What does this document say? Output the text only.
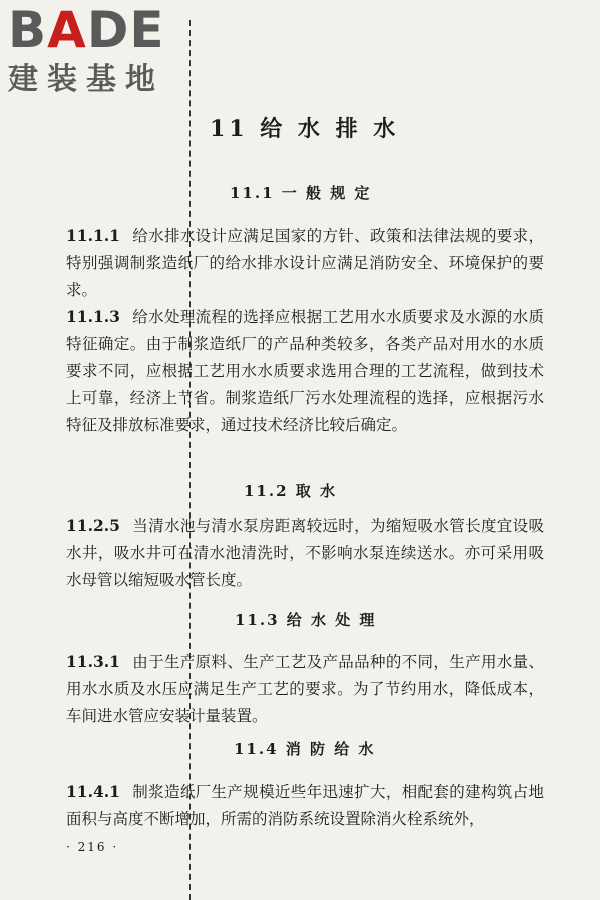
BADE
建装基地
11 给 水 排 水
11.1 一 般 规 定

11.1.1 给水排水设计应满足国家的方针、政策和法律法规的要求，特别强调制浆造纸厂的给水排水设计应满足消防安全、环境保护的要求。

11.1.3 给水处理流程的选择应根据工艺用水水质要求及水源的水质特征确定。由于制浆造纸厂的产品种类较多，各类产品对用水的水质要求不同，应根据工艺用水水质要求选用合理的工艺流程，做到技术上可靠，经济上节省。制浆造纸厂污水处理流程的选择，应根据污水特征及排放标准要求，通过技术经济比较后确定。

11.2 取 水

11.2.5 当清水池与清水泵房距离较远时，为缩短吸水管长度宜设吸水井，吸水井可在清水池清洗时，不影响水泵连续送水。亦可采用吸水母管以缩短吸水管长度。

11.3 给 水 处 理

11.3.1 由于生产原料、生产工艺及产品品种的不同，生产用水量、用水水质及水压应满足生产工艺的要求。为了节约用水，降低成本，车间进水管应安装计量装置。

11.4 消 防 给 水

11.4.1 制浆造纸厂生产规模近些年迅速扩大，相配套的建构筑占地面积与高度不断增加，所需的消防系统设置除消火栓系统外，

· 216 ·
